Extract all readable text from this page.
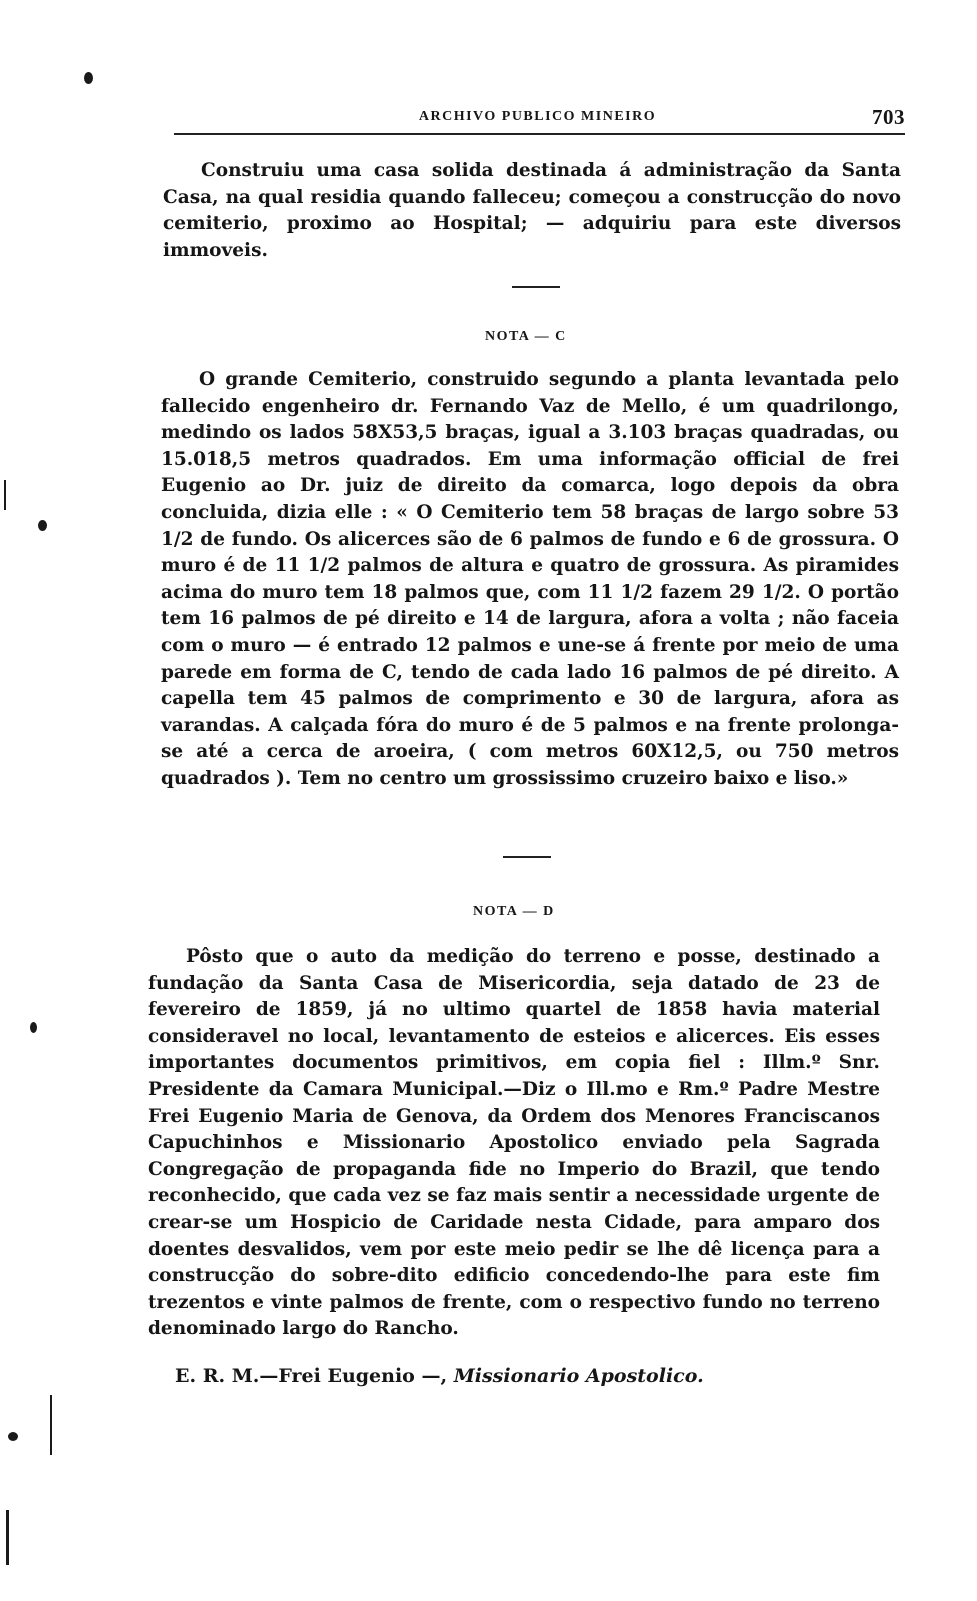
ARCHIVO PUBLICO MINEIRO	703

Construiu uma casa solida destinada á administração da Santa Casa, na qual residia quando falleceu; começou a construcção do novo cemiterio, proximo ao Hospital; — adquiriu para este diversos immoveis.

NOTA — C

O grande Cemiterio, construido segundo a planta levantada pelo fallecido engenheiro dr. Fernando Vaz de Mello, é um quadrilongo, medindo os lados 58X53,5 braças, igual a 3.103 braças quadradas, ou 15.018,5 metros quadrados. Em uma informação official de frei Eugenio ao Dr. juiz de direito da comarca, logo depois da obra concluida, dizia elle : « O Cemiterio tem 58 braças de largo sobre 53 1/2 de fundo. Os alicerces são de 6 palmos de fundo e 6 de grossura. O muro é de 11 1/2 palmos de altura e quatro de grossura. As piramides acima do muro tem 18 palmos que, com 11 1/2 fazem 29 1/2. O portão tem 16 palmos de pé direito e 14 de largura, afora a volta ; não faceia com o muro — é entrado 12 palmos e une-se á frente por meio de uma parede em forma de C, tendo de cada lado 16 palmos de pé direito. A capella tem 45 palmos de comprimento e 30 de largura, afora as varandas. A calçada fóra do muro é de 5 palmos e na frente prolonga-se até a cerca de aroeira, ( com metros 60X12,5, ou 750 metros quadrados ). Tem no centro um grossissimo cruzeiro baixo e liso.»

NOTA — D

Pôsto que o auto da medição do terreno e posse, destinado a fundação da Santa Casa de Misericordia, seja datado de 23 de fevereiro de 1859, já no ultimo quartel de 1858 havia material consideravel no local, levantamento de esteios e alicerces. Eis esses importantes documentos primitivos, em copia fiel : Illm.º Snr. Presidente da Camara Municipal.—Diz o Ill.mo e Rm.º Padre Mestre Frei Eugenio Maria de Genova, da Ordem dos Menores Franciscanos Capuchinhos e Missionario Apostolico enviado pela Sagrada Congregação de propaganda fide no Imperio do Brazil, que tendo reconhecido, que cada vez se faz mais sentir a necessidade urgente de crear-se um Hospicio de Caridade nesta Cidade, para amparo dos doentes desvalidos, vem por este meio pedir se lhe dê licença para a construcção do sobre-dito edificio concedendo-lhe para este fim trezentos e vinte palmos de frente, com o respectivo fundo no terreno denominado largo do Rancho.

E. R. M.—Frei Eugenio —, Missionario Apostolico.
